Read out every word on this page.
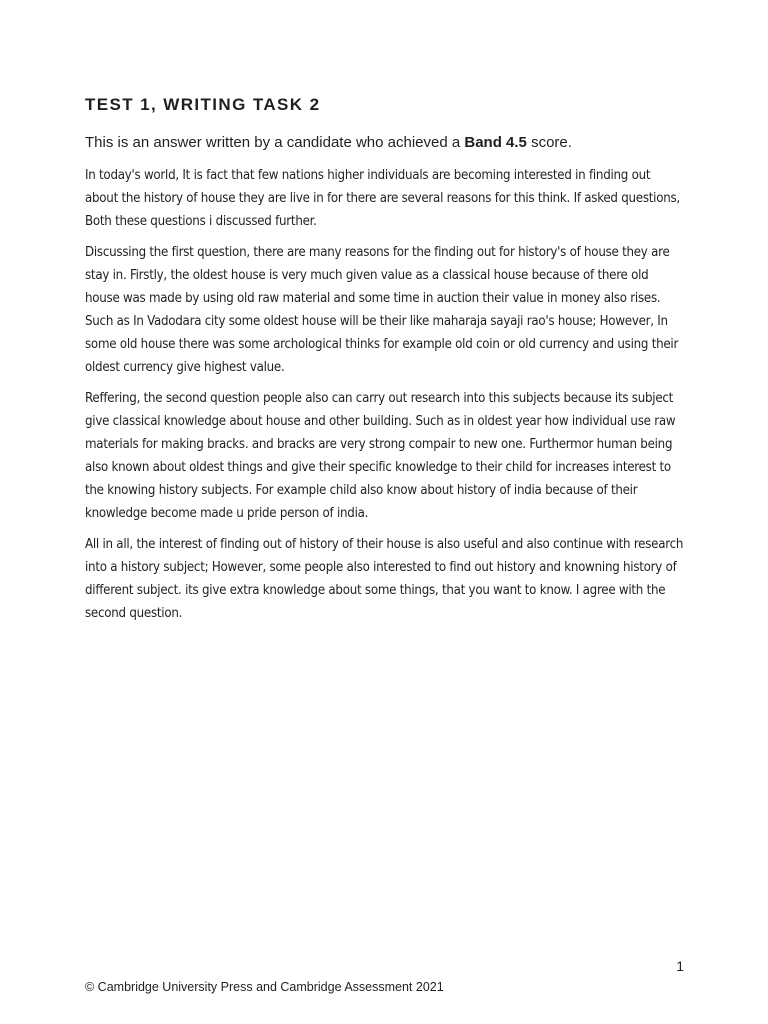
TEST 1, WRITING TASK 2

This is an answer written by a candidate who achieved a Band 4.5 score.

In today's world, It is fact that few nations higher individuals are becoming interested in finding out about the history of house they are live in for there are several reasons for this think. If asked questions, Both these questions i discussed further.

Discussing the first question, there are many reasons for the finding out for history's of house they are stay in. Firstly, the oldest house is very much given value as a classical house because of there old house was made by using old raw material and some time in auction their value in money also rises. Such as In Vadodara city some oldest house will be their like maharaja sayaji rao's house; However, In some old house there was some archological thinks for example old coin or old currency and using their oldest currency give highest value.

Reffering, the second question people also can carry out research into this subjects because its subject give classical knowledge about house and other building. Such as in oldest year how individual use raw materials for making bracks. and bracks are very strong compair to new one. Furthermor human being also known about oldest things and give their specific knowledge to their child for increases interest to the knowing history subjects. For example child also know about history of india because of their knowledge become made u pride person of india.

All in all, the interest of finding out of history of their house is also useful and also continue with research into a history subject; However, some people also interested to find out history and knowning history of different subject. its give extra knowledge about some things, that you want to know. I agree with the second question.

1
© Cambridge University Press and Cambridge Assessment 2021
